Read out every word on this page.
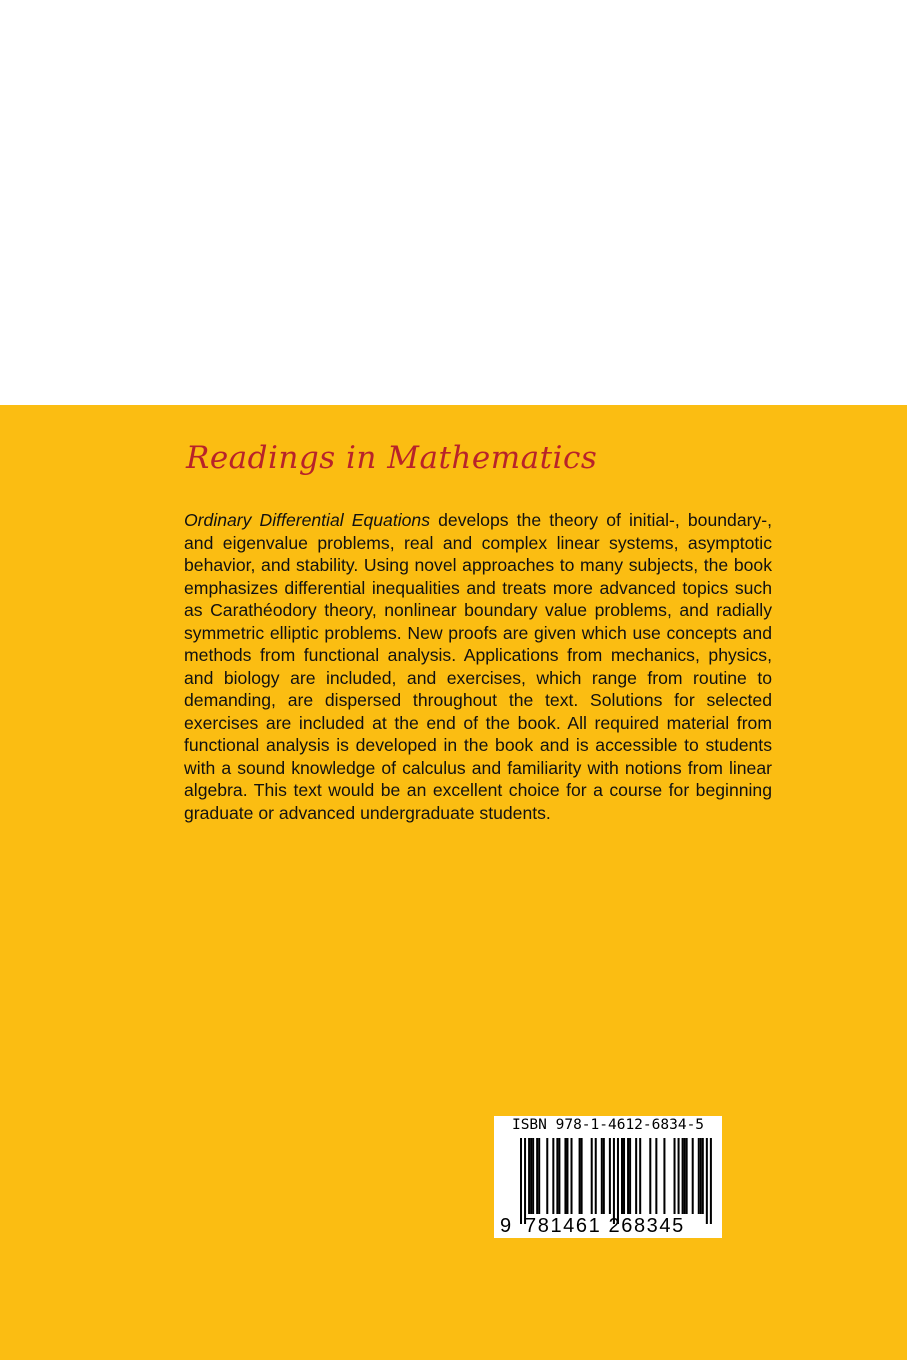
Readings in Mathematics
Ordinary Differential Equations develops the theory of initial-, boundary-, and eigenvalue problems, real and complex linear systems, asymptotic behavior, and stability. Using novel approaches to many subjects, the book emphasizes differential inequalities and treats more advanced topics such as Carathéodory theory, nonlinear boundary value problems, and radially symmetric elliptic problems. New proofs are given which use concepts and methods from functional analysis. Applications from mechanics, physics, and biology are included, and exercises, which range from routine to demanding, are dispersed throughout the text. Solutions for selected exercises are included at the end of the book. All required material from functional analysis is developed in the book and is accessible to students with a sound knowledge of calculus and familiarity with notions from linear algebra. This text would be an excellent choice for a course for beginning graduate or advanced undergraduate students.
ISBN 978-1-4612-6834-5
9 781461 268345
